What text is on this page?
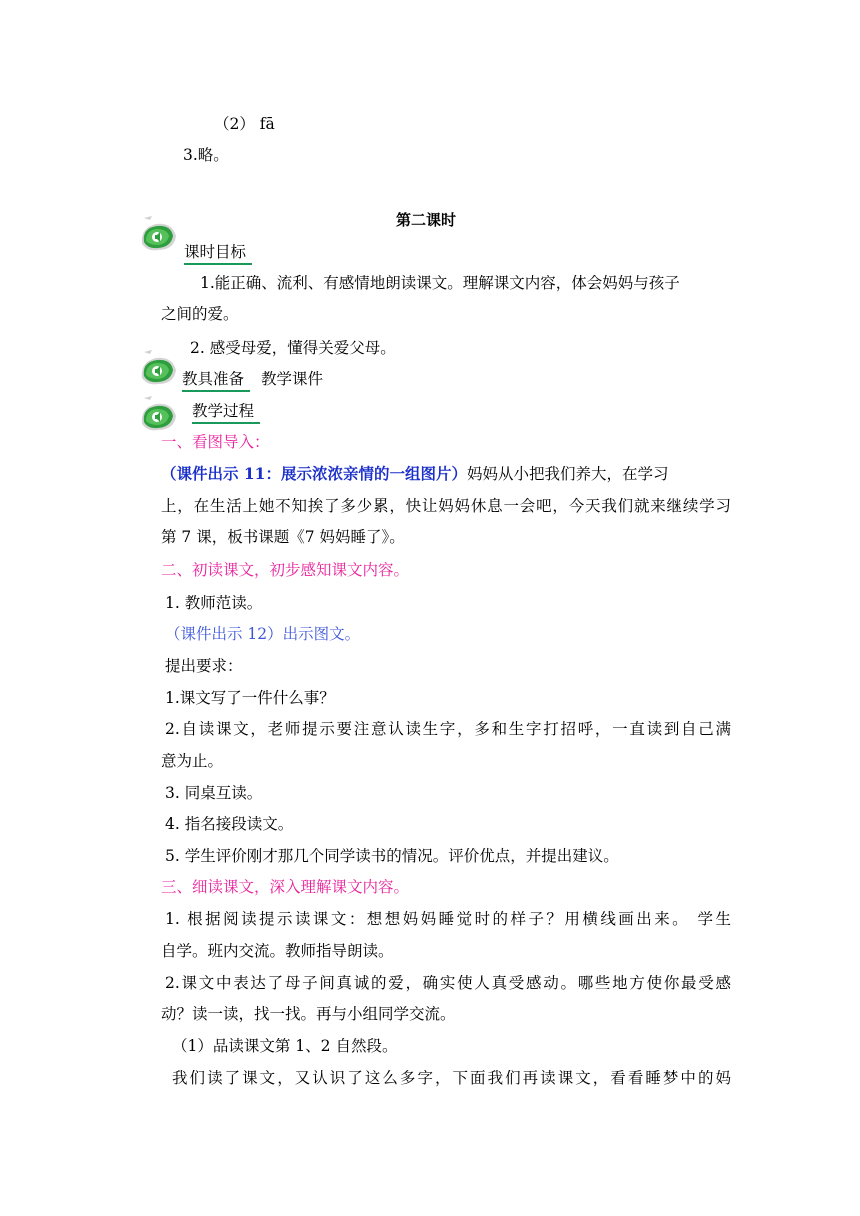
（2） fā
3.略。
第二课时
课时目标
1.能正确、流利、有感情地朗读课文。理解课文内容，体会妈妈与孩子
之间的爱。
2. 感受母爱，懂得关爱父母。
教具准备 教学课件
教学过程
一、看图导入：
（课件出示 11：展示浓浓亲情的一组图片）妈妈从小把我们养大，在学习
上，在生活上她不知挨了多少累，快让妈妈休息一会吧，今天我们就来继续学习
第 7 课，板书课题《7 妈妈睡了》。
二、初读课文，初步感知课文内容。
1. 教师范读。
（课件出示 12）出示图文。
提出要求：
1.课文写了一件什么事？
2.自读课文，老师提示要注意认读生字，多和生字打招呼，一直读到自己满
意为止。
3. 同桌互读。
4. 指名接段读文。
5. 学生评价刚才那几个同学读书的情况。评价优点，并提出建议。
三、细读课文，深入理解课文内容。
1. 根据阅读提示读课文：想想妈妈睡觉时的样子？用横线画出来。 学生
自学。班内交流。教师指导朗读。
2.课文中表达了母子间真诚的爱，确实使人真受感动。哪些地方使你最受感
动？读一读，找一找。再与小组同学交流。
（1）品读课文第 1、2 自然段。
我们读了课文，又认识了这么多字，下面我们再读课文，看看睡梦中的妈
